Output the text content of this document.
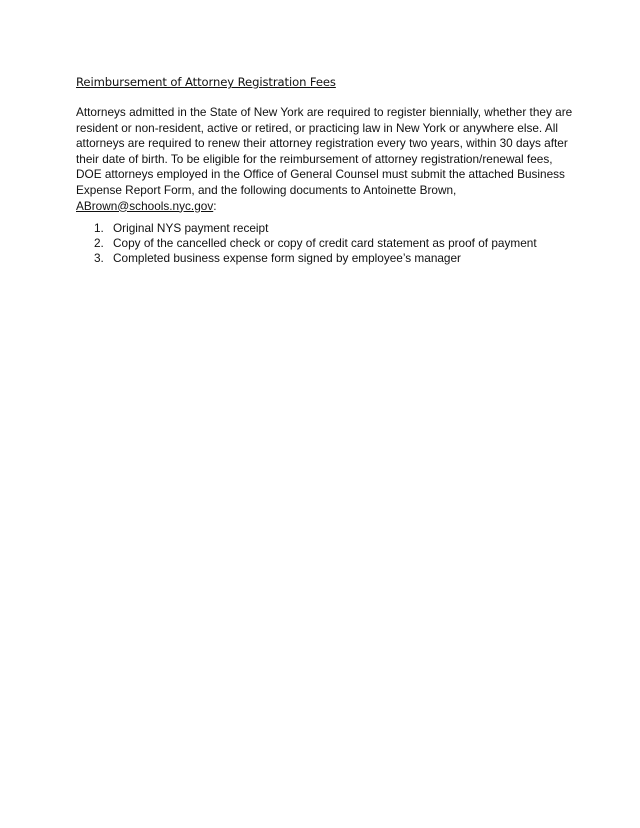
Reimbursement of Attorney Registration Fees
Attorneys admitted in the State of New York are required to register biennially, whether they are
resident or non-resident, active or retired, or practicing law in New York or anywhere else. All
attorneys are required to renew their attorney registration every two years, within 30 days after
their date of birth. To be eligible for the reimbursement of attorney registration/renewal fees,
DOE attorneys employed in the Office of General Counsel must submit the attached Business
Expense Report Form, and the following documents to Antoinette Brown,
ABrown@schools.nyc.gov:
1. Original NYS payment receipt
2. Copy of the cancelled check or copy of credit card statement as proof of payment
3. Completed business expense form signed by employee’s manager
